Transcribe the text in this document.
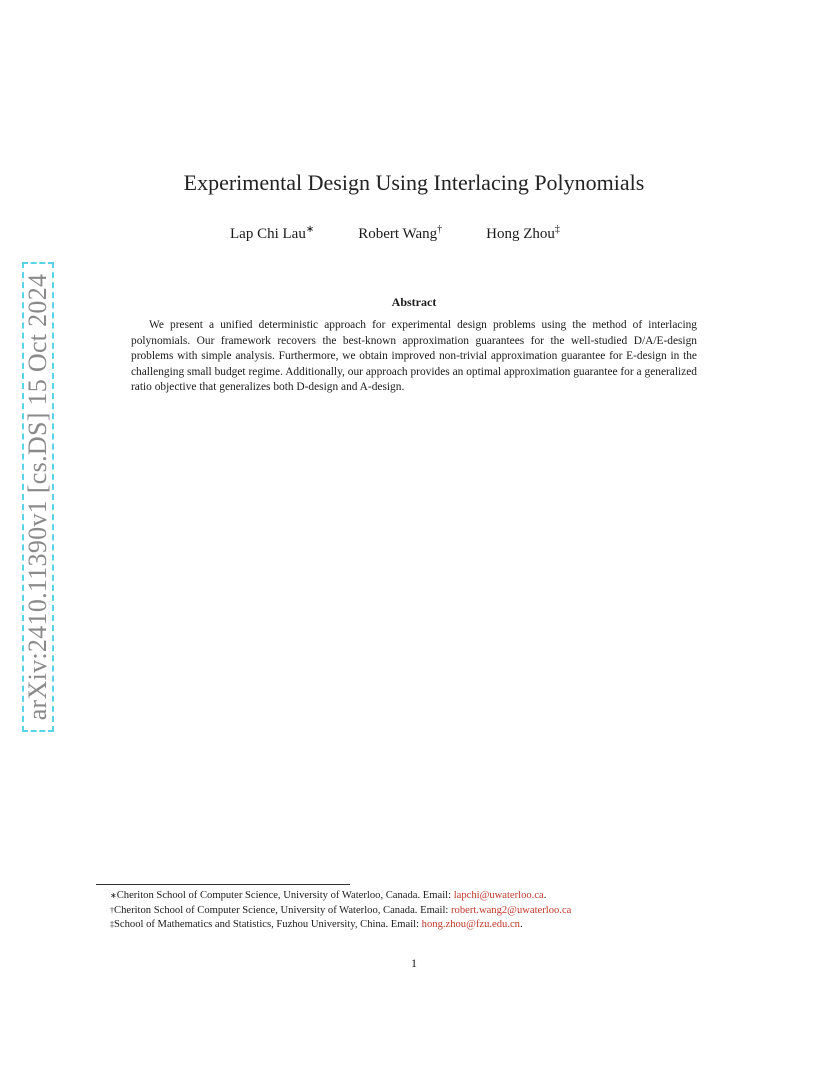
arXiv:2410.11390v1 [cs.DS] 15 Oct 2024
Experimental Design Using Interlacing Polynomials
Lap Chi Lau∗	Robert Wang†	Hong Zhou‡
Abstract
We present a unified deterministic approach for experimental design problems using the method of interlacing polynomials. Our framework recovers the best-known approximation guarantees for the well-studied D/A/E-design problems with simple analysis. Furthermore, we obtain improved non-trivial approximation guarantee for E-design in the challenging small budget regime. Additionally, our approach provides an optimal approximation guarantee for a generalized ratio objective that generalizes both D-design and A-design.
∗Cheriton School of Computer Science, University of Waterloo, Canada. Email: lapchi@uwaterloo.ca.
†Cheriton School of Computer Science, University of Waterloo, Canada. Email: robert.wang2@uwaterloo.ca
‡School of Mathematics and Statistics, Fuzhou University, China. Email: hong.zhou@fzu.edu.cn.
1
